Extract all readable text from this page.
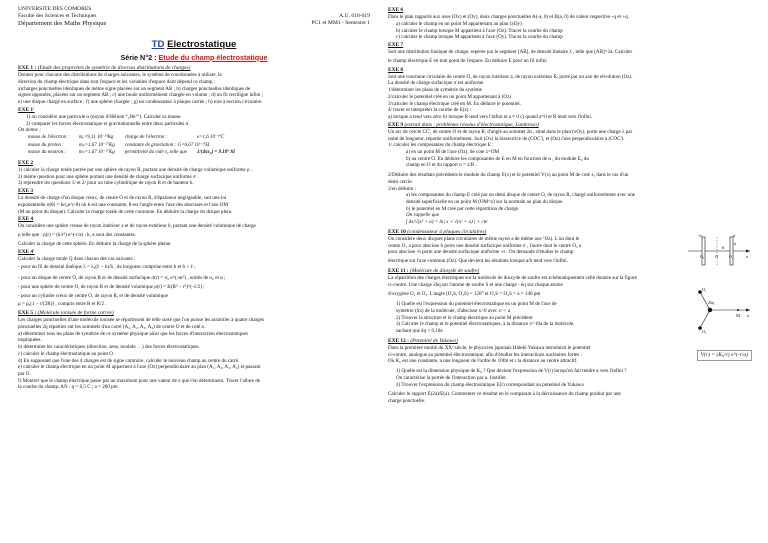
UNIVERSITE DES COMORES
Faculté des Sciences et Techniques
Département des Maths Physique
A.U. 018-019
PC1 et MM1 - Semestre 1
TD Electrostatique
Série N°2 : Etude du champ électrostatique
EXE 1 : (Etude des propriétés de symétrie de diverses distributions de charges)

Donner pour chacune des distributions de charges suivantes, le système de coordonnées à utiliser, la

direction du champ électrique dans tout l'espace et les variables d'espace dont dépend ce champ :

a)charges ponctuelles identiques de même signe placées sur un segment AB ; b) charges ponctuelles identiques de

signes opposées, placées sur un segment AB ; c) une boule uniformément chargée en volume ; d) un fil rectiligne infini ;

e) une disque chargé en surface ; f) une sphère chargée ; g) un condensateur à plaque carrée ; h) tore à section circulaire

EXE 1'

1) on considère une particule α (noyau d'Hélium ⁴₂He²⁺). Calculer sa masse.

2) comparer les forces électrostatique et gravitationnelle entre deux particules α .

On donne :

masse de l'électron :	mₑ=9,11 10⁻³¹Kg	charge de l'électron :	e=1,6 10⁻¹⁹C
masse du proton :	mₚ=1.67 10⁻²⁷Kg	constante de gravitation : G=6,67 10⁻¹¹SI	
masse du neutron :	mₙ=1.67 10⁻²⁷Kg	permittivité du vide ε₀ telle que	1/(4πε₀) = 9.10⁹ SI
EXE 2

1) calculer la charge totale portée par une sphère de rayon R, portant une densité de charge volumique uniforme ρ .

2) même question pour une sphère portant une densité de charge surfacique uniforme σ .

3) reprendre les questions 1/ et 2/ pour un tube cylindrique de rayon R et de hauteur h.

EXE 3

La densité de charge d'un disque creux, de centre O et de rayon R, d'épaisseur négligeable, suit une loi

exponentielle σ(θ) = kσ₀e^(-θ) où k est une constante, θ est l'angle entre l'axe des abscisses et l'axe OM

(M un point du disque). Calculer la charge totale de cette couronne. En déduire la charge du disque plein.

EXE 4

On considère une sphère creuse de rayon intérieur a et de rayon extérieur b, portant une densité volumique de charge

ρ telle que : ρ(r) = (k/r²) e^(-r/a) ; k, a sont des constantes.

Calculer la charge de cette sphère. En déduire la charge de la sphère pleine.

EXE 4'

Calculer la charge totale Q dans chacun des cas suivants :

- pour un fil de densité linéique λ = λ₀(ℓ − h)/h , de longueur comprise entre h et h + ℓ ;

- pour un disque de centre O, de rayon R et de densité surfacique σ(r) = σ₀ e^(-αr²) , unités de σ₀ et α ;

- pour une sphère de centre O, de rayon R et de densité volumique ρ(r) = K(R² − r²)^(-1/2) ;

- pour un cylindre creux de centre O, de rayon R, et de densité volumique

ρ = ρ₀(1 − r/(2R)) , compris entre R et R/2 .

EXE 5 : (Molécule ionisée de forme carrée)

Les charges ponctuelles d'une molécule ionisée se répartissent de telle sorte que l'on puisse les assimiler à quatre charges

ponctuelles 2q réparties sur les sommets d'un carré (A₁, A₂, A₃, A₄) de centre O et de coté a .

a) déterminer tous les plans de symétrie de ce système physique ainsi que les forces d'interaction électrostatiques

impliquées.

b) déterminer les caractéristiques (direction, sens, module …) des forces électrostatiques.

c) calculer le champ électrostatique au point O.

d) En supposant que l'une des 4 charges est de signe contraire, calculer le nouveau champ au centre du carré.

e) calculer le champ électrique en un point M appartient à l'axe (Oz) perpendiculaire au plan (A₁, A₂, A₃, A₄) et passant

par O.

f) Montrer que le champ électrique passe par un maximum pour une valeur de z que l'on déterminera. Tracer l'allure de

la courbe du champ. AN : q = 0,5 C ; a = 200 pm

EXE 6

Dans le plan rapporté aux axes (Ox) et (Oy), deux charges ponctuelles A(-a, 0) et B(a, 0) de valeur respective -q et +q.

a) calculer le champ en un point M appartenant au plan (xOy)

b) calculer le champ lorsque M appartient à l'axe (Oz). Tracer la courbe du champ

c) calculer le champ lorsque M appartient à l'axe (Oy). Tracer la courbe du champ

EXE 7

Soit une distribution linéique de charge, repérée par le segment [AB], de densité linéaire λ , telle que [AB]=2a. Calculer

le champ électrique E en tout point de l'espace. En déduire E pour un fil infini

EXE 8

Soit une couronne circulaire de centre O, de rayon intérieur a, de rayon extérieur R, porté par un axe de révolution (Oz).

La densité de charge surfacique σ est uniforme.

1/déterminer les plans de symétrie du système

2/calculer le potentiel créé en un point M appartenant à (Oz)

3/calculer le champ électrique créé en M. En déduire le potentiel.

4/ tracer et interpréter la courbe de E(z) :

a) lorsque a tend vers zéro b) lorsque R tend vers l'infini et a ≠ 0 c) quand a=0 et R tend vers l'infini.

EXE 9 (extrait dans : problèmes résolus d'électrostatique, Lumbroso)

Un arc de cercle CC', de centre O et de rayon R, d'angle au sommet 2α , situé dans le plan (xOy), porte une charge λ par

unité de longueur, répartie uniformément. Soit (Ox) la bissectrice de (COC'), et (Oz) l'axe perpendiculaire à (COC').

1/ calculer les composantes du champ électrique E :

a) en un point M de l'axe (Oz), de cote z=OM

b) au centre O. En déduire les composantes de E en M en fonction de α , du module E₀ du

champ en O et du rapport u = z/R .

2/Déduire des résultats précédents le module du champ E(x) et le potentiel V(x) au point M de coté x, dans le cas d'un

demi cercle.

3/en déduire :

a) les composantes du champ E créé par un demi disque de centre O, de rayon R, chargé uniformément avec une

densité superficielle en un point M (OM=z) sur la normale au plan du disque.

b) le potentiel en M créé par cette répartition de charge.

On rappelle que

∫ dx/√(x² + a) = ln| x + √(x² + a) | + cte

EXE 10 (condensateur à plaques circulaires)

On considère deux disques plans circulaires de même rayon a de même axe ‘Oz). L'un dont le

centre O₁ a pour abscisse h porte une densité surfacique uniforme σ , l'autre dont le centre O₂ a

pour abscisse -h porte une densité surfacique uniforme -σ . On demande d'étudier le champ

électrique sur l'axe commun (Oz). Que devient les résultats lorsque a/h tend vers l'infini.

-σ	σ
a
h
O	z
O₁
O₂
EXE 11 : (Molécule de dioxyde de soufre)

La répartition des charges électriques sur la molécule de dioxyde de soufre est schématiquement celle donnée sur la figure

ci-contre. Une charge 2δq sur l'atome de soufre S et une charge −δq sur chaque atome

d'oxygène O₁ et O₂. L'angle (O₁S, O₂S) = 120° et O₁S = O₂S = a = 140 pm

1) Quelle est l'expression du potentiel électrostatique en un point M de l'axe de

symétrie (Sx) de la molécule, d'abscisse x>0 avec x>> a

2) Trouver la structure et le champ électrique au point M précédent

3) Calculer le champ et le potentiel électrostatiques, à la distance x=10a de la molécule,

sachant que δq = 0,18e

2δq
O₁
O₂
x
M
EXE 12 : (Potentiel de Yukawa)

Dans la première moitié du XXᵉ siècle, le physicien japonais Hideki Yukawa introduisit le potentiel

ci-contre, analogue au potentiel électrostatique, afin d'étudier les interactions nucléaires fortes :

Où K₀ est une constante, a une longueur de l'ordre de 10fm et r la distance au centre attractif.

V(r) = (K₀/r) e^(-r/a)

1) Quelle est la dimension physique de K₀ ? Que devient l'expression de V(r) lorsqu'on fait tendre a vers l'infini ?

On caractérise la portée de l'interaction par a. Justifier.

2) Trouver l'expression du champ électrostatique E(r) correspondant au potentiel de Yukawa

Calculer le rapport E(2a)/E(a). Commenter ce résultat en le comparant à la décroissance du champ produit par une

charge ponctuelle.
